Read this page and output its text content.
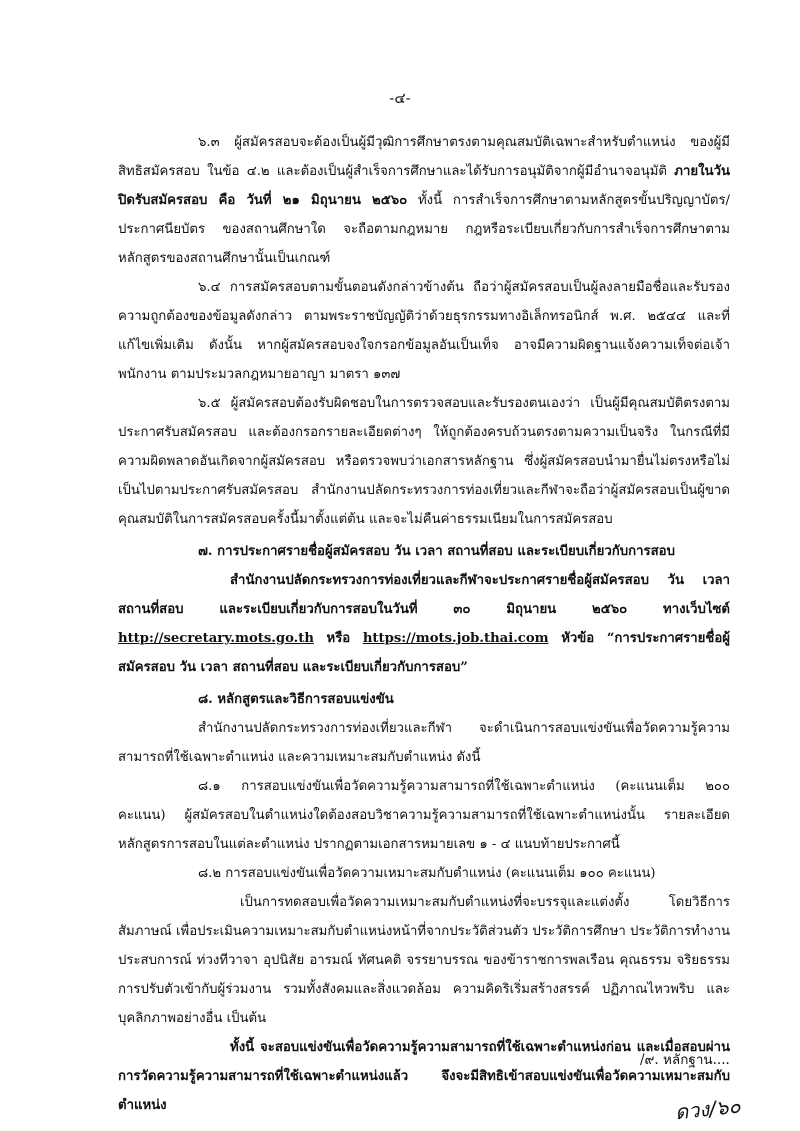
-๔-

๖.๓ ผู้สมัครสอบจะต้องเป็นผู้มีวุฒิการศึกษาตรงตามคุณสมบัติเฉพาะสำหรับตำแหน่ง ของผู้มีสิทธิสมัครสอบ ในข้อ ๔.๒ และต้องเป็นผู้สำเร็จการศึกษาและได้รับการอนุมัติจากผู้มีอำนาจอนุมัติ ภายในวันปิดรับสมัครสอบ คือ วันที่ ๒๑ มิถุนายน ๒๕๖๐ ทั้งนี้ การสำเร็จการศึกษาตามหลักสูตรขั้นปริญญาบัตร/ประกาศนียบัตร ของสถานศึกษาใด จะถือตามกฎหมาย กฎหรือระเบียบเกี่ยวกับการสำเร็จการศึกษาตามหลักสูตรของสถานศึกษานั้นเป็นเกณฑ์

๖.๔ การสมัครสอบตามขั้นตอนดังกล่าวข้างต้น ถือว่าผู้สมัครสอบเป็นผู้ลงลายมือชื่อและรับรองความถูกต้องของข้อมูลดังกล่าว ตามพระราชบัญญัติว่าด้วยธุรกรรมทางอิเล็กทรอนิกส์ พ.ศ. ๒๕๔๔ และที่แก้ไขเพิ่มเติม ดังนั้น หากผู้สมัครสอบจงใจกรอกข้อมูลอันเป็นเท็จ อาจมีความผิดฐานแจ้งความเท็จต่อเจ้าพนักงาน ตามประมวลกฎหมายอาญา มาตรา ๑๓๗

๖.๕ ผู้สมัครสอบต้องรับผิดชอบในการตรวจสอบและรับรองตนเองว่า เป็นผู้มีคุณสมบัติตรงตามประกาศรับสมัครสอบ และต้องกรอกรายละเอียดต่างๆ ให้ถูกต้องครบถ้วนตรงตามความเป็นจริง ในกรณีที่มีความผิดพลาดอันเกิดจากผู้สมัครสอบ หรือตรวจพบว่าเอกสารหลักฐาน ซึ่งผู้สมัครสอบนำมายื่นไม่ตรงหรือไม่เป็นไปตามประกาศรับสมัครสอบ สำนักงานปลัดกระทรวงการท่องเที่ยวและกีฬาจะถือว่าผู้สมัครสอบเป็นผู้ขาดคุณสมบัติในการสมัครสอบครั้งนี้มาตั้งแต่ต้น และจะไม่คืนค่าธรรมเนียมในการสมัครสอบ

๗. การประกาศรายชื่อผู้สมัครสอบ วัน เวลา สถานที่สอบ และระเบียบเกี่ยวกับการสอบ

สำนักงานปลัดกระทรวงการท่องเที่ยวและกีฬาจะประกาศรายชื่อผู้สมัครสอบ วัน เวลา สถานที่สอบ และระเบียบเกี่ยวกับการสอบในวันที่ ๓๐ มิถุนายน ๒๕๖๐ ทางเว็บไซต์ http://secretary.mots.go.th หรือ https://mots.job.thai.com หัวข้อ “การประกาศรายชื่อผู้สมัครสอบ วัน เวลา สถานที่สอบ และระเบียบเกี่ยวกับการสอบ”

๘. หลักสูตรและวิธีการสอบแข่งขัน

สำนักงานปลัดกระทรวงการท่องเที่ยวและกีฬา จะดำเนินการสอบแข่งขันเพื่อวัดความรู้ความสามารถที่ใช้เฉพาะตำแหน่ง และความเหมาะสมกับตำแหน่ง ดังนี้

๘.๑ การสอบแข่งขันเพื่อวัดความรู้ความสามารถที่ใช้เฉพาะตำแหน่ง (คะแนนเต็ม ๒๐๐ คะแนน) ผู้สมัครสอบในตำแหน่งใดต้องสอบวิชาความรู้ความสามารถที่ใช้เฉพาะตำแหน่งนั้น รายละเอียดหลักสูตรการสอบในแต่ละตำแหน่ง ปรากฏตามเอกสารหมายเลข ๑ - ๔ แนบท้ายประกาศนี้

๘.๒ การสอบแข่งขันเพื่อวัดความเหมาะสมกับตำแหน่ง (คะแนนเต็ม ๑๐๐ คะแนน)

เป็นการทดสอบเพื่อวัดความเหมาะสมกับตำแหน่งที่จะบรรจุและแต่งตั้ง โดยวิธีการสัมภาษณ์ เพื่อประเมินความเหมาะสมกับตำแหน่งหน้าที่จากประวัติส่วนตัว ประวัติการศึกษา ประวัติการทำงาน ประสบการณ์ ท่วงทีวาจา อุปนิสัย อารมณ์ ทัศนคติ จรรยาบรรณ ของข้าราชการพลเรือน คุณธรรม จริยธรรม การปรับตัวเข้ากับผู้ร่วมงาน รวมทั้งสังคมและสิ่งแวดล้อม ความคิดริเริ่มสร้างสรรค์ ปฏิภาณไหวพริบ และบุคลิกภาพอย่างอื่น เป็นต้น

ทั้งนี้ จะสอบแข่งขันเพื่อวัดความรู้ความสามารถที่ใช้เฉพาะตำแหน่งก่อน และเมื่อสอบผ่านการวัดความรู้ความสามารถที่ใช้เฉพาะตำแหน่งแล้ว จึงจะมีสิทธิเข้าสอบแข่งขันเพื่อวัดความเหมาะสมกับตำแหน่ง

/๙. หลักฐาน....
ดวง/๖๐
